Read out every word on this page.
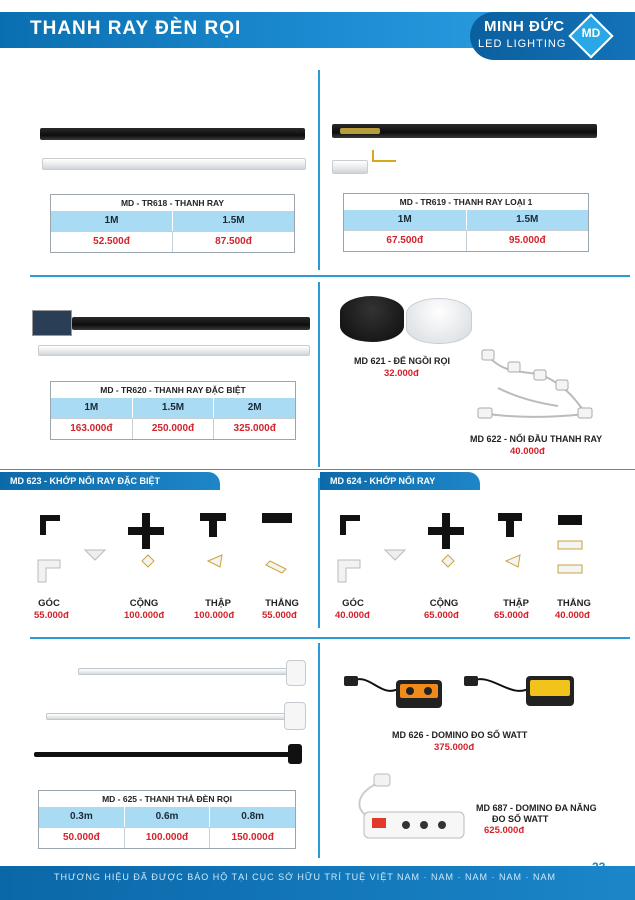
THANH RAY ĐÈN RỌI	MINH ĐỨC
LED LIGHTING
MD
MD - TR618 - THANH RAY
1M	1.5M
52.500đ	87.500đ
MD - TR619 - THANH RAY LOẠI 1
1M	1.5M
67.500đ	95.000đ
MD - TR620 - THANH RAY ĐẶC BIỆT
1M	1.5M	2M
163.000đ	250.000đ	325.000đ
MD 621 - ĐẾ NGỒI RỌI
32.000đ
MD 622 - NỐI ĐẦU THANH RAY
40.000đ
MD 623 - KHỚP NỐI RAY ĐẶC BIỆT
GÓC
55.000đ
CỘNG
100.000đ
THẬP
100.000đ
THẲNG
55.000đ
MD 624 - KHỚP NỐI RAY
GÓC
40.000đ
CỘNG
65.000đ
THẬP
65.000đ
THẲNG
40.000đ
MD - 625 - THANH THẢ ĐÈN RỌI
0.3m	0.6m	0.8m
50.000đ	100.000đ	150.000đ
MD 626 - DOMINO ĐO SỐ WATT
375.000đ
MD 687 - DOMINO ĐA NĂNG
ĐO SỐ WATT
625.000đ
THƯƠNG HIỆU ĐÃ ĐƯỢC BẢO HỘ TẠI CỤC SỞ HỮU TRÍ TUỆ VIỆT NAM · NAM · NAM · NAM · NAM
23
